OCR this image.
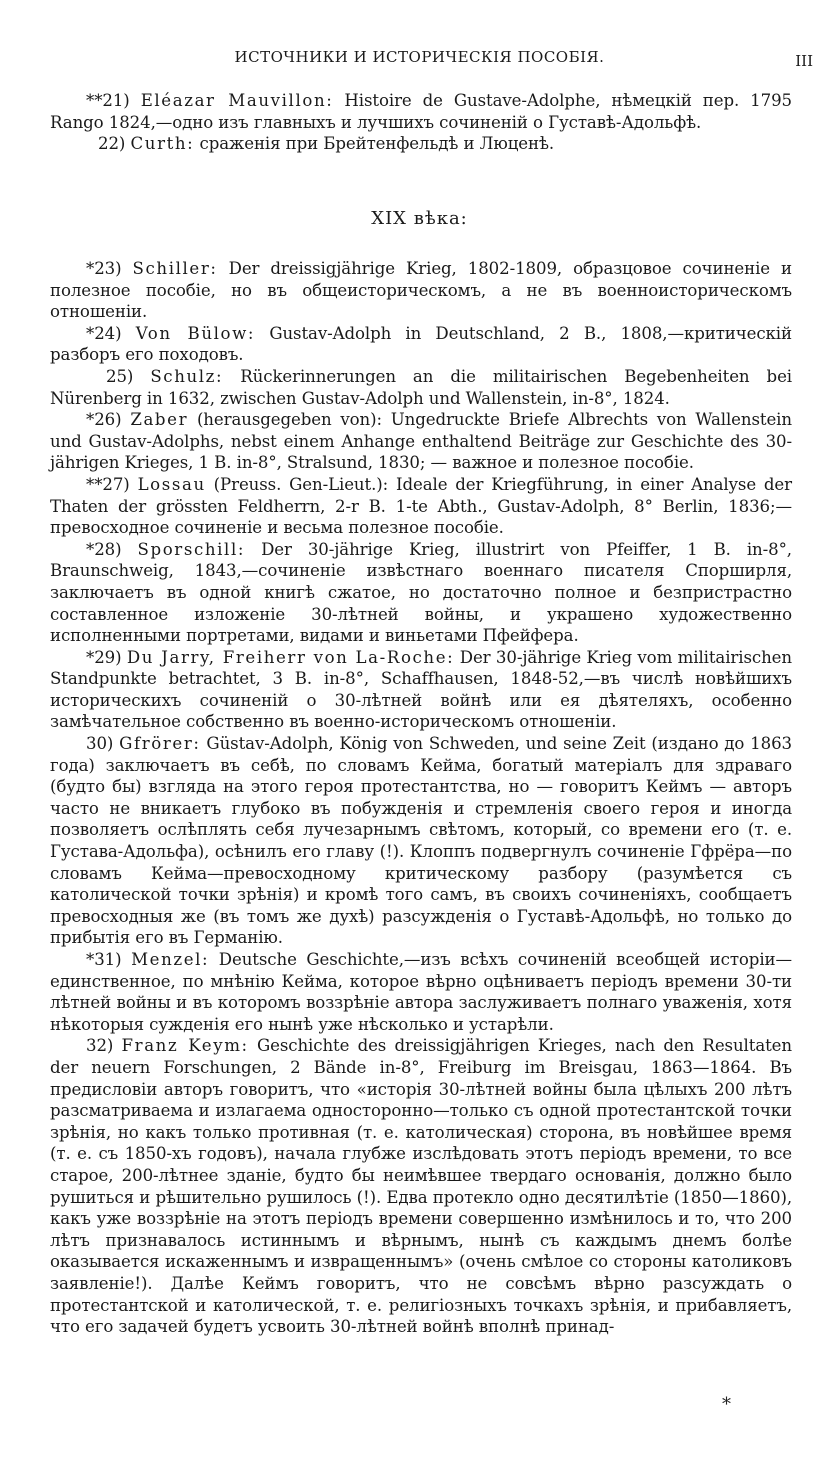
ИСТОЧНИКИ И ИСТОРИЧЕСКІЯ ПОСОБІЯ.	III

**21) Eléazar Mauvillon: Histoire de Gustave-Adolphe, нѣмецкій пер. 1795 Rango 1824,—одно изъ главныхъ и лучшихъ сочиненій о Густавѣ-Адольфѣ.

22) Curth: сраженія при Брейтенфельдѣ и Люценѣ.

XIX вѣка:

*23) Schiller: Der dreissigjährige Krieg, 1802-1809, образцовое сочиненіе и полезное пособіе, но въ общеисторическомъ, а не въ военноисторическомъ отношеніи.

*24) Von Bülow: Gustav-Adolph in Deutschland, 2 B., 1808,—критическій разборъ его походовъ.

25) Schulz: Rückerinnerungen an die militairischen Begebenheiten bei Nürenberg in 1632, zwischen Gustav-Adolph und Wallenstein, in-8°, 1824.

*26) Zaber (herausgegeben von): Ungedruckte Briefe Albrechts von Wallenstein und Gustav-Adolphs, nebst einem Anhange enthaltend Beiträge zur Geschichte des 30-jährigen Krieges, 1 B. in-8°, Stralsund, 1830; — важное и полезное пособіе.

**27) Lossau (Preuss. Gen-Lieut.): Ideale der Kriegführung, in einer Analyse der Thaten der grössten Feldherrn, 2-r B. 1-te Abth., Gustav-Adolph, 8° Berlin, 1836;—превосходное сочиненіе и весьма полезное пособіе.

*28) Sporschill: Der 30-jährige Krieg, illustrirt von Pfeiffer, 1 B. in-8°, Braunschweig, 1843,—сочиненіе извѣстнаго военнаго писателя Спорширля, заключаетъ въ одной книгѣ сжатое, но достаточно полное и безпристрастно составленное изложеніе 30-лѣтней войны, и украшено художественно исполненными портретами, видами и виньетами Пфейфера.

*29) Du Jarry, Freiherr von La-Roche: Der 30-jährige Krieg vom militairischen Standpunkte betrachtet, 3 B. in-8°, Schaffhausen, 1848-52,—въ числѣ новѣйшихъ историческихъ сочиненій о 30-лѣтней войнѣ или ея дѣятеляхъ, особенно замѣчательное собственно въ военно-историческомъ отношеніи.

30) Gfrörer: Güstav-Adolph, König von Schweden, und seine Zeit (издано до 1863 года) заключаетъ въ себѣ, по словамъ Кейма, богатый матеріалъ для здраваго (будто бы) взгляда на этого героя протестантства, но — говоритъ Кеймъ — авторъ часто не вникаетъ глубоко въ побужденія и стремленія своего героя и иногда позволяетъ ослѣплять себя лучезарнымъ свѣтомъ, который, со времени его (т. е. Густава-Адольфа), осѣнилъ его главу (!). Клоппъ подвергнулъ сочиненіе Гфрёра—по словамъ Кейма—превосходному критическому разбору (разумѣется съ католической точки зрѣнія) и кромѣ того самъ, въ своихъ сочиненіяхъ, сообщаетъ превосходныя же (въ томъ же духѣ) разсужденія о Густавѣ-Адольфѣ, но только до прибытія его въ Германію.

*31) Menzel: Deutsche Geschichte,—изъ всѣхъ сочиненій всеобщей исторіи—единственное, по мнѣнію Кейма, которое вѣрно оцѣниваетъ періодъ времени 30-ти лѣтней войны и въ которомъ воззрѣніе автора заслуживаетъ полнаго уваженія, хотя нѣкоторыя сужденія его нынѣ уже нѣсколько и устарѣли.

32) Franz Keym: Geschichte des dreissigjährigen Krieges, nach den Resultaten der neuern Forschungen, 2 Bände in-8°, Freiburg im Breisgau, 1863—1864. Въ предисловіи авторъ говоритъ, что «исторія 30-лѣтней войны была цѣлыхъ 200 лѣтъ разсматриваема и излагаема односторонно—только съ одной протестантской точки зрѣнія, но какъ только противная (т. е. католическая) сторона, въ новѣйшее время (т. е. съ 1850-хъ годовъ), начала глубже изслѣдовать этотъ періодъ времени, то все старое, 200-лѣтнее зданіе, будто бы неимѣвшее твердаго основанія, должно было рушиться и рѣшительно рушилось (!). Едва протекло одно десятилѣтіе (1850—1860), какъ уже воззрѣніе на этотъ періодъ времени совершенно измѣнилось и то, что 200 лѣтъ признавалось истиннымъ и вѣрнымъ, нынѣ съ каждымъ днемъ болѣе оказывается искаженнымъ и извращеннымъ» (очень смѣлое со стороны католиковъ заявленіе!). Далѣе Кеймъ говоритъ, что не совсѣмъ вѣрно разсуждать о протестантской и католической, т. е. религіозныхъ точкахъ зрѣнія, и прибавляетъ, что его задачей будетъ усвоить 30-лѣтней войнѣ вполнѣ принад-

*
